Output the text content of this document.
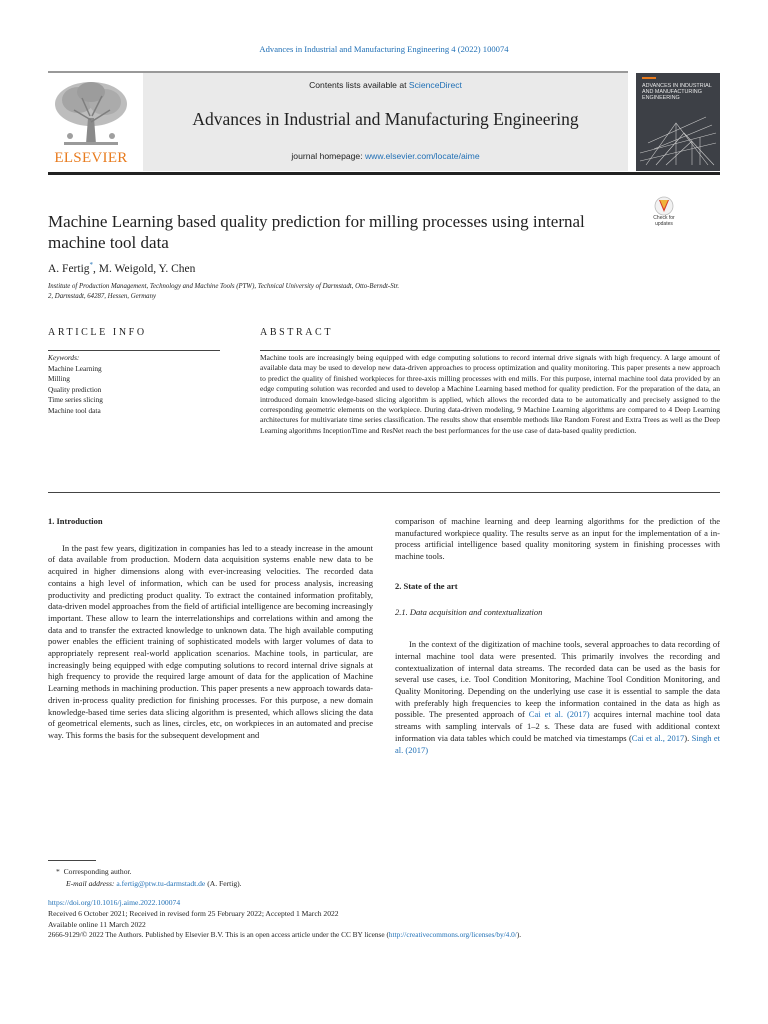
Advances in Industrial and Manufacturing Engineering 4 (2022) 100074
ELSEVIER
Contents lists available at ScienceDirect
Advances in Industrial and Manufacturing Engineering
journal homepage: www.elsevier.com/locate/aime
ADVANCES IN INDUSTRIAL AND MANUFACTURING ENGINEERING
Machine Learning based quality prediction for milling processes using internal machine tool data
Check for updates
A. Fertig*, M. Weigold, Y. Chen
Institute of Production Management, Technology and Machine Tools (PTW), Technical University of Darmstadt, Otto-Berndt-Str.
2, Darmstadt, 64287, Hessen, Germany
ARTICLE INFO	ABSTRACT
Keywords:
Machine Learning
Milling
Quality prediction
Time series slicing
Machine tool data
Machine tools are increasingly being equipped with edge computing solutions to record internal drive signals with high frequency. A large amount of available data may be used to develop new data-driven approaches to process optimization and quality monitoring. This paper presents a new approach to predict the quality of finished workpieces for three-axis milling processes with end mills. For this purpose, internal machine tool data provided by an edge computing solution was recorded and used to develop a Machine Learning based method for quality prediction. For the preparation of the data, an introduced domain knowledge-based slicing algorithm is applied, which allows the recorded data to be automatically and precisely assigned to the corresponding geometric elements on the workpiece. During data-driven modeling, 9 Machine Learning algorithms are compared to 4 Deep Learning architectures for multivariate time series classification. The results show that ensemble methods like Random Forest and Extra Trees as well as the Deep Learning algorithms InceptionTime and ResNet reach the best performances for the use case of data-based quality prediction.
1. Introduction

In the past few years, digitization in companies has led to a steady increase in the amount of data available from production. Modern data acquisition systems enable new data to be acquired in higher dimensions along with ever-increasing velocities. The recorded data contains a high level of information, which can be used for process analysis, increasing productivity and predicting product quality. To extract the contained information profitably, data-driven model approaches from the field of artificial intelligence are becoming increasingly important. These allow to learn the interrelationships and correlations within and among the data and to transfer the extracted knowledge to unknown data. The high available computing power enables the efficient training of sophisticated models with larger volumes of data to appropriately represent real-world application scenarios. Machine tools, in particular, are increasingly being equipped with edge computing solutions to record internal drive signals at high frequency to provide the required large amount of data for the application of Machine Learning methods in machining production. This paper presents a new approach towards data-driven in-process quality prediction for finishing processes. For this purpose, a new domain knowledge-based time series data slicing algorithm is presented, which allows slicing the data of geometrical elements, such as lines, circles, etc, on workpieces in an automated and precise way. This forms the basis for the subsequent development and

comparison of machine learning and deep learning algorithms for the prediction of the manufactured workpiece quality. The results serve as an input for the implementation of a in-process artificial intelligence based quality monitoring system in finishing processes with machine tools.

2. State of the art
2.1. Data acquisition and contextualization

In the context of the digitization of machine tools, several approaches to data recording of internal machine tool data were presented. This primarily involves the recording and contextualization of internal data streams. The recorded data can be used as the basis for several use cases, i.e. Tool Condition Monitoring, Machine Tool Condition Monitoring, and Quality Monitoring. Depending on the underlying use case it is essential to sample the data with preferably high frequencies to keep the information contained in the data as high as possible. The presented approach of Cai et al. (2017) acquires internal machine tool data streams with sampling intervals of 1–2 s. These data are fused with additional context information via data tables which could be matched via timestamps (Cai et al., 2017). Singh et al. (2017)

* Corresponding author.
E-mail address: a.fertig@ptw.tu-darmstadt.de (A. Fertig).
https://doi.org/10.1016/j.aime.2022.100074
Received 6 October 2021; Received in revised form 25 February 2022; Accepted 1 March 2022
Available online 11 March 2022
2666-9129/© 2022 The Authors. Published by Elsevier B.V. This is an open access article under the CC BY license (http://creativecommons.org/licenses/by/4.0/).
